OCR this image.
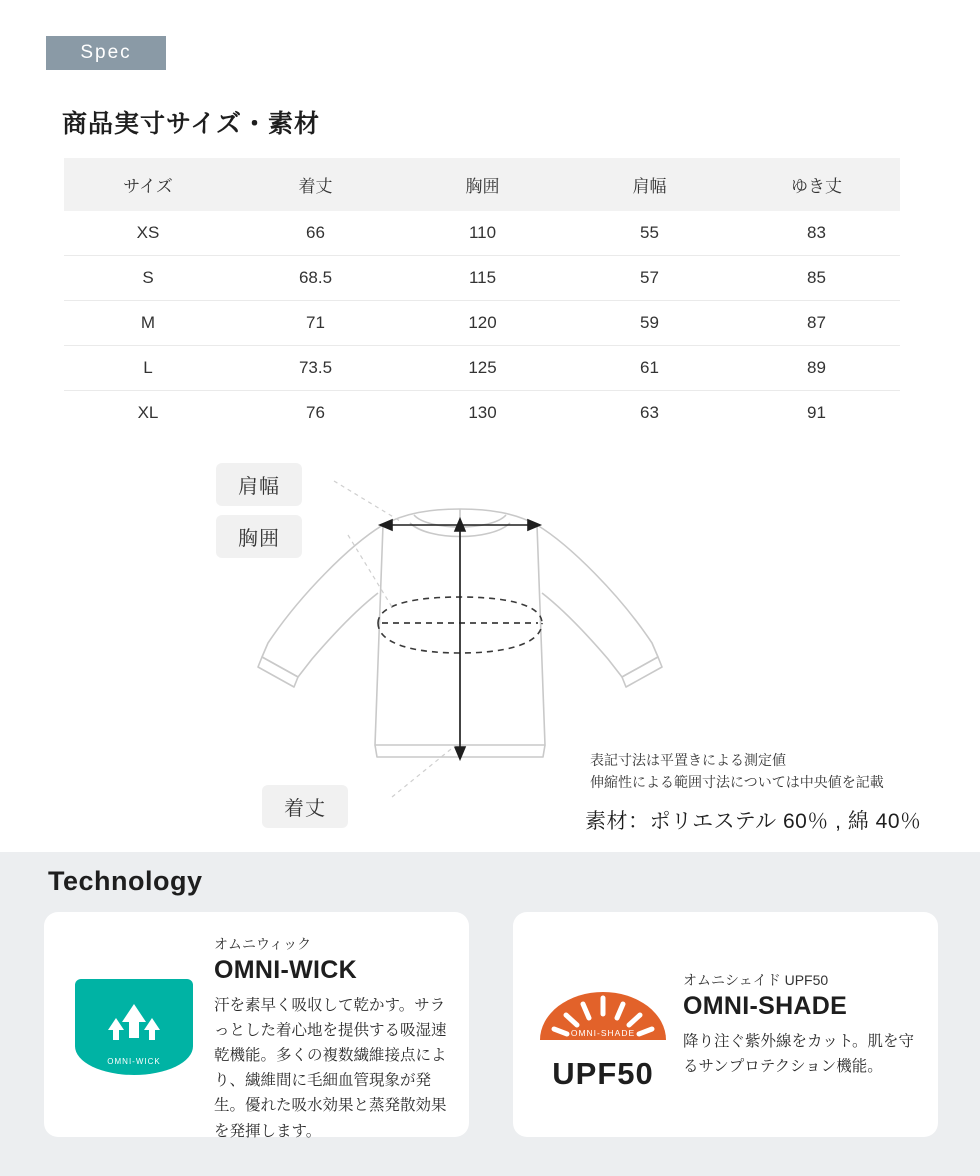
Spec
商品実寸サイズ・素材
サイズ	着丈	胸囲	肩幅	ゆき丈
XS	66	110	55	83
S	68.5	115	57	85
M	71	120	59	87
L	73.5	125	61	89
XL	76	130	63	91
肩幅
胸囲
着丈
表記寸法は平置きによる測定値
伸縮性による範囲寸法については中央値を記載
素材：ポリエステル 60％ , 綿 40％
Technology
OMNI-WICK
オムニウィック
OMNI-WICK
汗を素早く吸収して乾かす。サラっとした着心地を提供する吸湿速乾機能。多くの複数繊維接点により、繊維間に毛細血管現象が発生。優れた吸水効果と蒸発散効果を発揮します。
OMNI-SHADE
UPF50
オムニシェイド UPF50
OMNI-SHADE
降り注ぐ紫外線をカット。肌を守るサンプロテクション機能。
